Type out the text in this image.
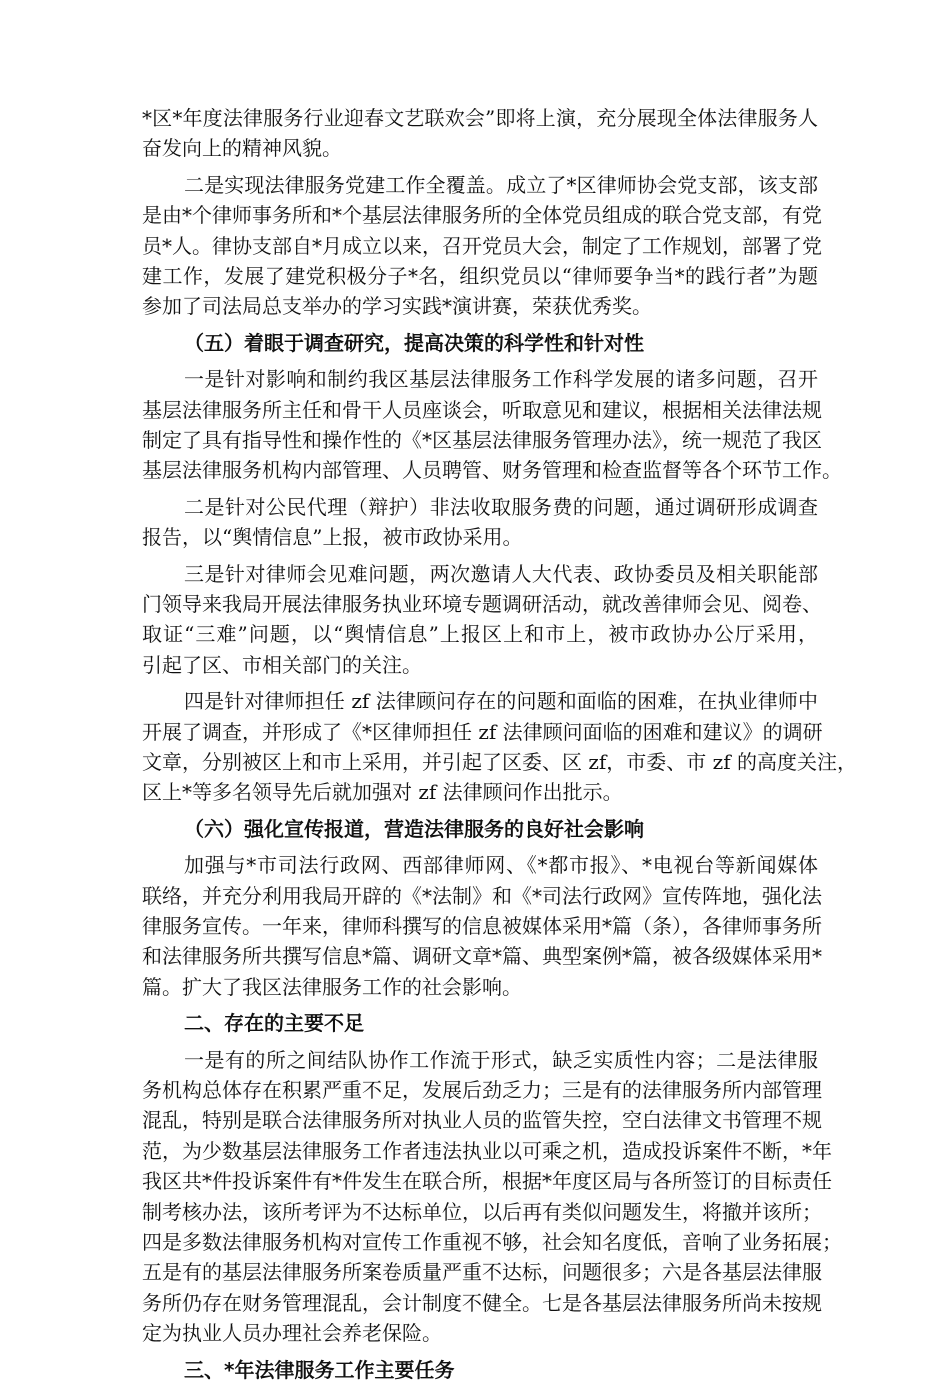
*区*年度法律服务行业迎春文艺联欢会”即将上演，充分展现全体法律服务人
奋发向上的精神风貌。
二是实现法律服务党建工作全覆盖。成立了*区律师协会党支部，该支部
是由*个律师事务所和*个基层法律服务所的全体党员组成的联合党支部，有党
员*人。律协支部自*月成立以来，召开党员大会，制定了工作规划，部署了党
建工作，发展了建党积极分子*名，组织党员以“律师要争当*的践行者”为题
参加了司法局总支举办的学习实践*演讲赛，荣获优秀奖。
（五）着眼于调查研究，提高决策的科学性和针对性
一是针对影响和制约我区基层法律服务工作科学发展的诸多问题，召开
基层法律服务所主任和骨干人员座谈会，听取意见和建议，根据相关法律法规
制定了具有指导性和操作性的《*区基层法律服务管理办法》，统一规范了我区
基层法律服务机构内部管理、人员聘管、财务管理和检查监督等各个环节工作。
二是针对公民代理（辩护）非法收取服务费的问题，通过调研形成调查
报告，以“舆情信息”上报，被市政协采用。
三是针对律师会见难问题，两次邀请人大代表、政协委员及相关职能部
门领导来我局开展法律服务执业环境专题调研活动，就改善律师会见、阅卷、
取证“三难”问题，以“舆情信息”上报区上和市上，被市政协办公厅采用，
引起了区、市相关部门的关注。
四是针对律师担任 zf 法律顾问存在的问题和面临的困难，在执业律师中
开展了调查，并形成了《*区律师担任 zf 法律顾问面临的困难和建议》的调研
文章，分别被区上和市上采用，并引起了区委、区 zf，市委、市 zf 的高度关注，
区上*等多名领导先后就加强对 zf 法律顾问作出批示。
（六）强化宣传报道，营造法律服务的良好社会影响
加强与*市司法行政网、西部律师网、《*都市报》、*电视台等新闻媒体
联络，并充分利用我局开辟的《*法制》和《*司法行政网》宣传阵地，强化法
律服务宣传。一年来，律师科撰写的信息被媒体采用*篇（条），各律师事务所
和法律服务所共撰写信息*篇、调研文章*篇、典型案例*篇，被各级媒体采用*
篇。扩大了我区法律服务工作的社会影响。
二、存在的主要不足
一是有的所之间结队协作工作流于形式，缺乏实质性内容；二是法律服
务机构总体存在积累严重不足，发展后劲乏力；三是有的法律服务所内部管理
混乱，特别是联合法律服务所对执业人员的监管失控，空白法律文书管理不规
范，为少数基层法律服务工作者违法执业以可乘之机，造成投诉案件不断，*年
我区共*件投诉案件有*件发生在联合所，根据*年度区局与各所签订的目标责任
制考核办法，该所考评为不达标单位，以后再有类似问题发生，将撤并该所；
四是多数法律服务机构对宣传工作重视不够，社会知名度低，音响了业务拓展；
五是有的基层法律服务所案卷质量严重不达标，问题很多；六是各基层法律服
务所仍存在财务管理混乱，会计制度不健全。七是各基层法律服务所尚未按规
定为执业人员办理社会养老保险。
三、*年法律服务工作主要任务
